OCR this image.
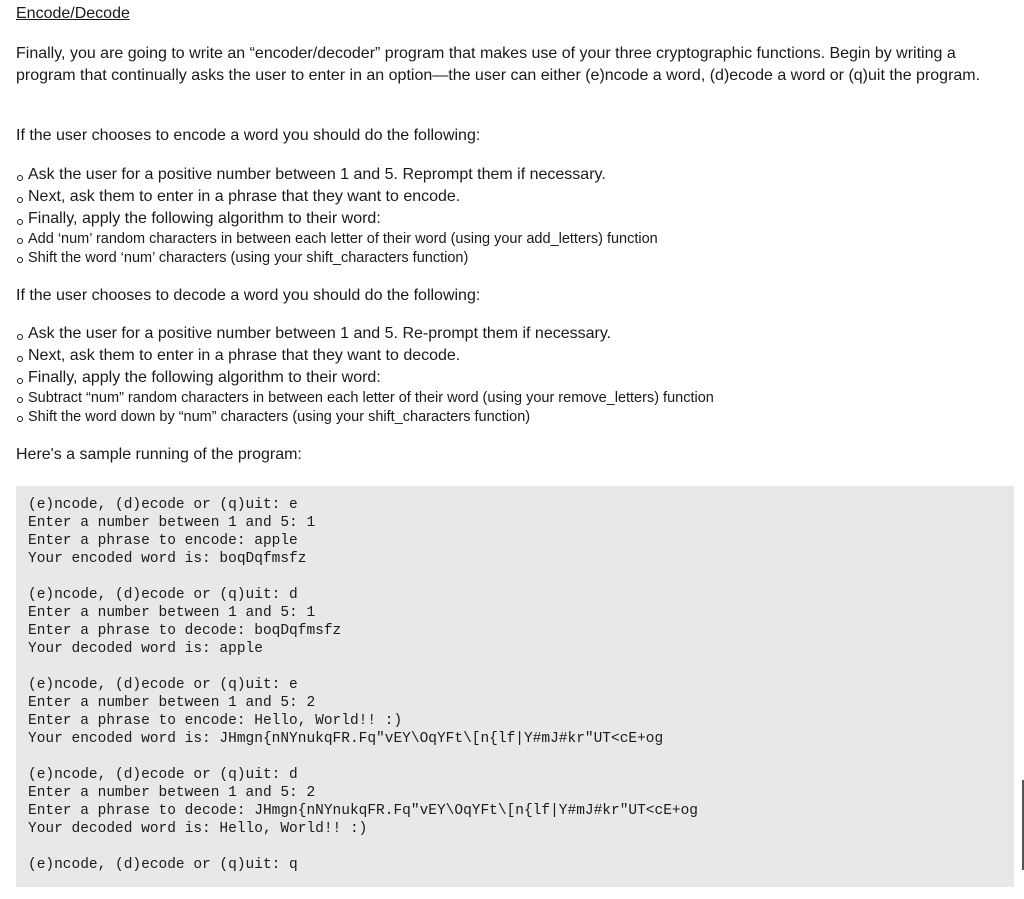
Encode/Decode

Finally, you are going to write an “encoder/decoder” program that makes use of your three cryptographic functions. Begin by writing a program that continually asks the user to enter in an option—the user can either (e)ncode a word, (d)ecode a word or (q)uit the program.

If the user chooses to encode a word you should do the following:

Ask the user for a positive number between 1 and 5. Reprompt them if necessary.
Next, ask them to enter in a phrase that they want to encode.
Finally, apply the following algorithm to their word:
Add ‘num’ random characters in between each letter of their word (using your add_letters) function
Shift the word ‘num’ characters (using your shift_characters function)

If the user chooses to decode a word you should do the following:

Ask the user for a positive number between 1 and 5. Re-prompt them if necessary.
Next, ask them to enter in a phrase that they want to decode.
Finally, apply the following algorithm to their word:
Subtract “num” random characters in between each letter of their word (using your remove_letters) function
Shift the word down by “num” characters (using your shift_characters function)

Here's a sample running of the program:

(e)ncode, (d)ecode or (q)uit: e
Enter a number between 1 and 5: 1
Enter a phrase to encode: apple
Your encoded word is: boqDqfmsfz
(e)ncode, (d)ecode or (q)uit: d
Enter a number between 1 and 5: 1
Enter a phrase to decode: boqDqfmsfz
Your decoded word is: apple
(e)ncode, (d)ecode or (q)uit: e
Enter a number between 1 and 5: 2
Enter a phrase to encode: Hello, World!! :)
Your encoded word is: JHmgn{nNYnukqFR.Fq"vEY\OqYFt\[n{lf|Y#mJ#kr"UT<cE+og
(e)ncode, (d)ecode or (q)uit: d
Enter a number between 1 and 5: 2
Enter a phrase to decode: JHmgn{nNYnukqFR.Fq"vEY\OqYFt\[n{lf|Y#mJ#kr"UT<cE+og
Your decoded word is: Hello, World!! :)
(e)ncode, (d)ecode or (q)uit: q
